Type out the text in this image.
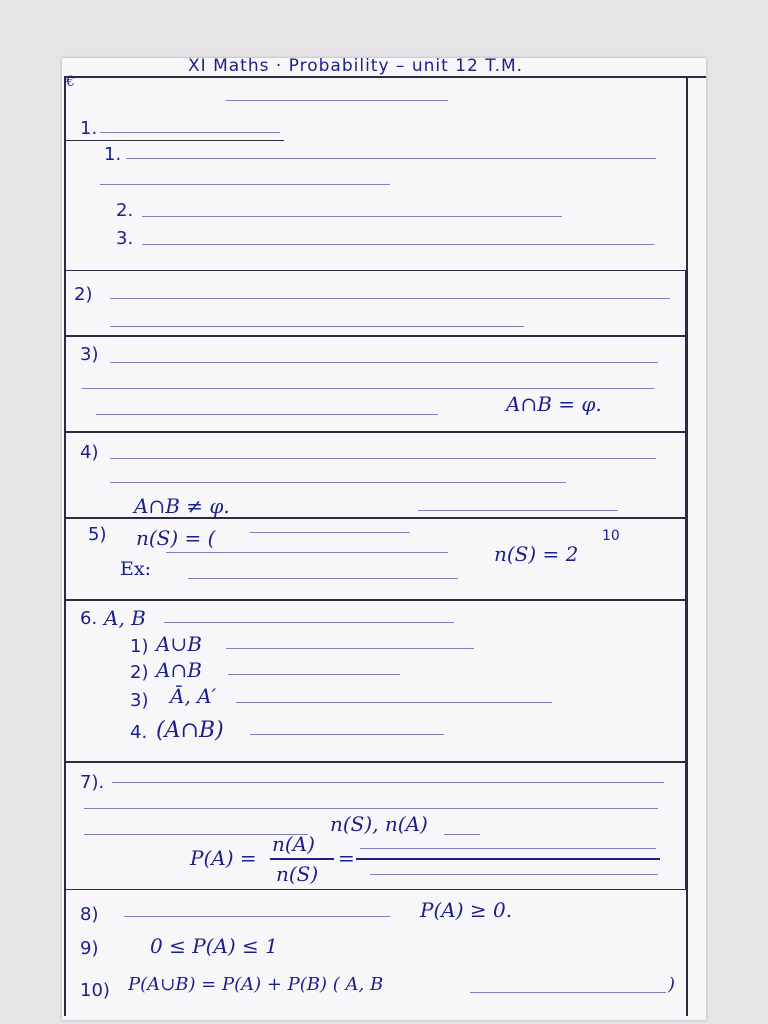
XI Maths · Probability – unit 12 T.M.
€
1.
1.
2.
3.
2)
3)
A∩B = φ.
4)
A∩B ≠ φ.
5) n(S) = (
Ex:
n(S) = 2
10
6. A, B
1) A∪B
2) A∩B
3) Ā, A′
4. (A∩B)
7).
n(S), n(A)
P(A) =
n(A)
n(S)
=
8)	P(A) ≥ 0.
9)	0 ≤ P(A) ≤ 1
10) P(A∪B) = P(A) + P(B) ( A, B	)
